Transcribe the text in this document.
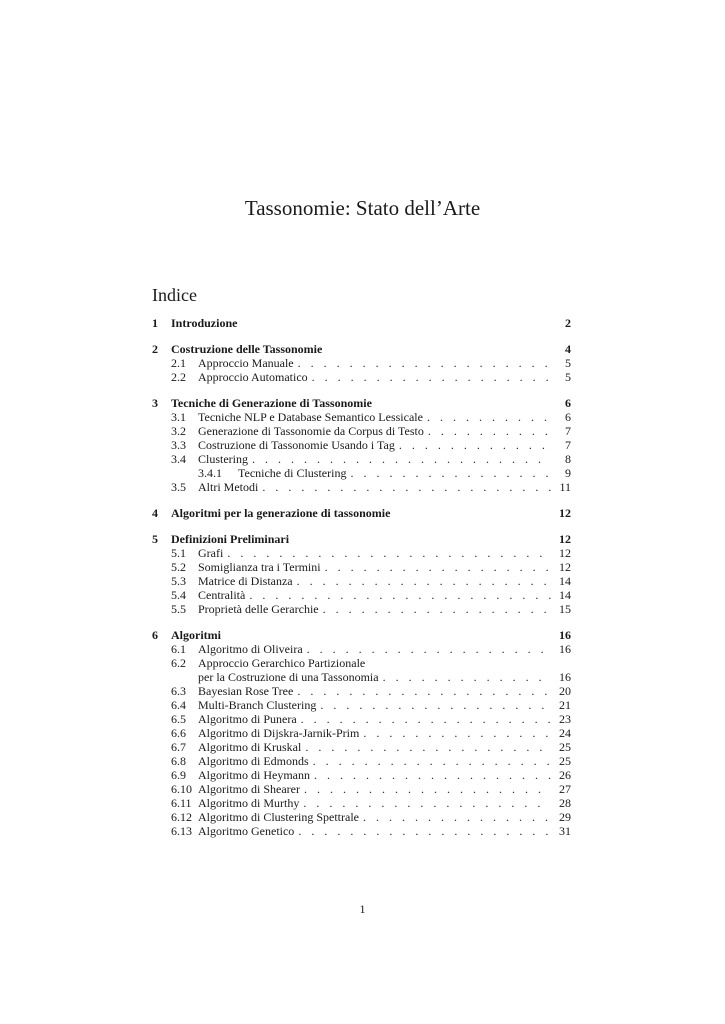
Tassonomie: Stato dell’Arte
Indice
1	Introduzione	2
2	Costruzione delle Tassonomie	4
2.1	Approccio Manuale . . .	5
2.2	Approccio Automatico . . .	5
3	Tecniche di Generazione di Tassonomie	6
3.1	Tecniche NLP e Database Semantico Lessicale . . .	6
3.2	Generazione di Tassonomie da Corpus di Testo . . .	7
3.3	Costruzione di Tassonomie Usando i Tag . . .	7
3.4	Clustering . . .	8
3.4.1	Tecniche di Clustering . . .	9
3.5	Altri Metodi . . .	11
4	Algoritmi per la generazione di tassonomie	12
5	Definizioni Preliminari	12
5.1	Grafi . . .	12
5.2	Somiglianza tra i Termini . . .	12
5.3	Matrice di Distanza . . .	14
5.4	Centralità . . .	14
5.5	Proprietà delle Gerarchie . . .	15
6	Algoritmi	16
6.1	Algoritmo di Oliveira . . .	16
6.2	Approccio Gerarchico Partizionale
per la Costruzione di una Tassonomia . . .	16
6.3	Bayesian Rose Tree . . .	20
6.4	Multi-Branch Clustering . . .	21
6.5	Algoritmo di Punera . . .	23
6.6	Algoritmo di Dijskra-Jarnik-Prim . . .	24
6.7	Algoritmo di Kruskal . . .	25
6.8	Algoritmo di Edmonds . . .	25
6.9	Algoritmo di Heymann . . .	26
6.10 Algoritmo di Shearer . . .	27
6.11 Algoritmo di Murthy . . .	28
6.12 Algoritmo di Clustering Spettrale . . .	29
6.13 Algoritmo Genetico . . .	31
1
